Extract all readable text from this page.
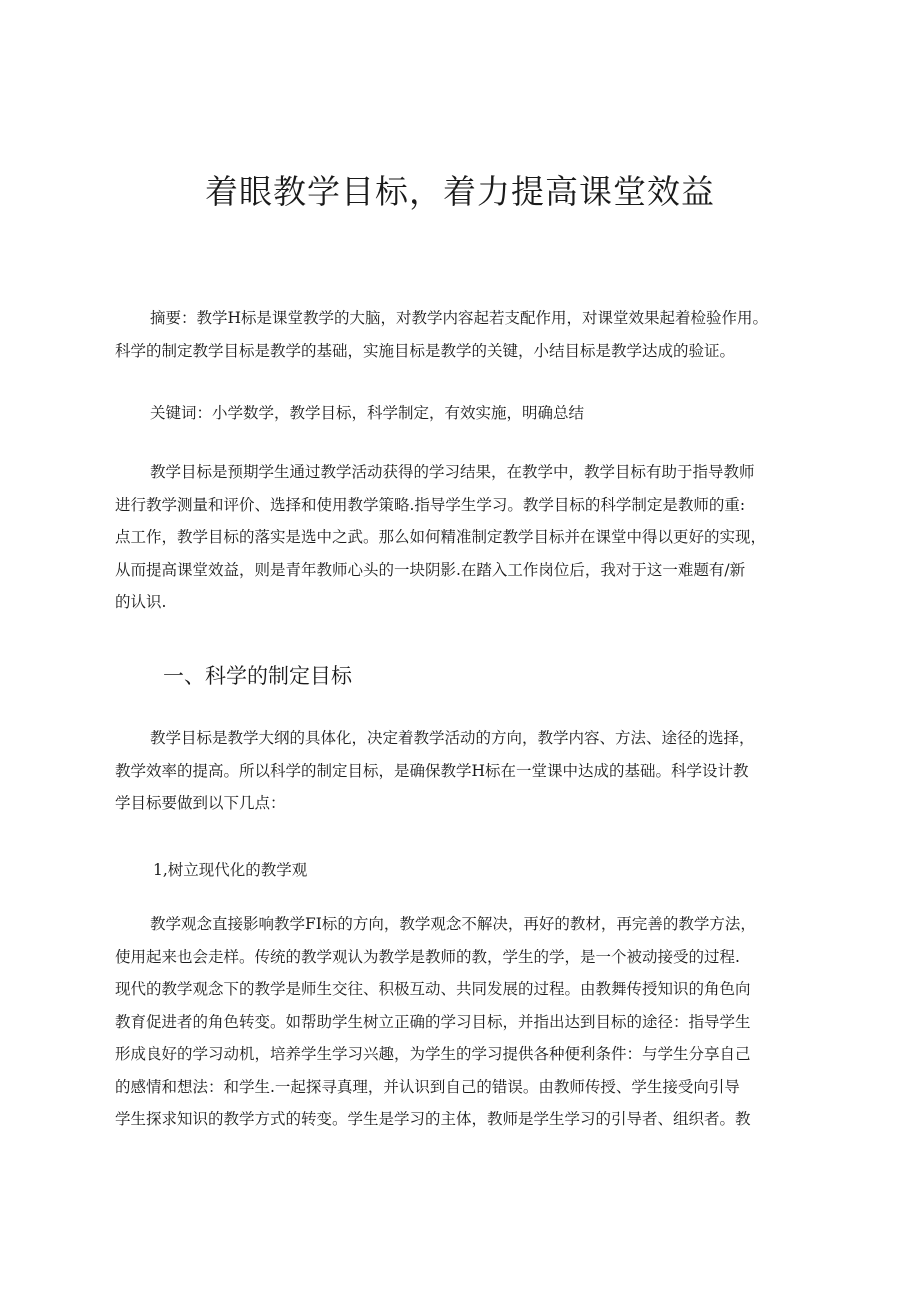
着眼教学目标，着力提高课堂效益

摘要：教学H标是课堂教学的大脑，对教学内容起若支配作用，对课堂效果起着检验作用。
科学的制定教学目标是教学的基础，实施目标是教学的关键，小结目标是教学达成的验证。

关键词：小学数学，教学目标，科学制定，有效实施，明确总结

教学目标是预期学生通过教学活动获得的学习结果，在教学中，教学目标有助于指导教师
进行教学测量和评价、选择和使用教学策略.指导学生学习。教学目标的科学制定是教师的重:
点工作，教学目标的落实是选中之武。那么如何精准制定教学目标并在课堂中得以更好的实现，
从而提高课堂效益，则是青年教师心头的一块阴影.在踏入工作岗位后，我对于这一难题有/新
的认识.

一、科学的制定目标

教学目标是教学大纲的具体化，决定着教学活动的方向，教学内容、方法、途径的选择，
教学效率的提高。所以科学的制定目标，是确保教学H标在一堂课中达成的基础。科学设计教
学目标要做到以下几点：

1,树立现代化的教学观

教学观念直接影响教学FI标的方向，教学观念不解决，再好的教材，再完善的教学方法，
使用起来也会走样。传统的教学观认为教学是教师的教，学生的学，是一个被动接受的过程.
现代的教学观念下的教学是师生交往、积极互动、共同发展的过程。由教舞传授知识的角色向
教育促进者的角色转变。如帮助学生树立正确的学习目标，并指出达到目标的途径：指导学生
形成良好的学习动机，培养学生学习兴趣，为学生的学习提供各种便利条件：与学生分享自己
的感情和想法：和学生.一起探寻真理，并认识到自己的错误。由教师传授、学生接受向引导
学生探求知识的教学方式的转变。学生是学习的主体，教师是学生学习的引导者、组织者。教
